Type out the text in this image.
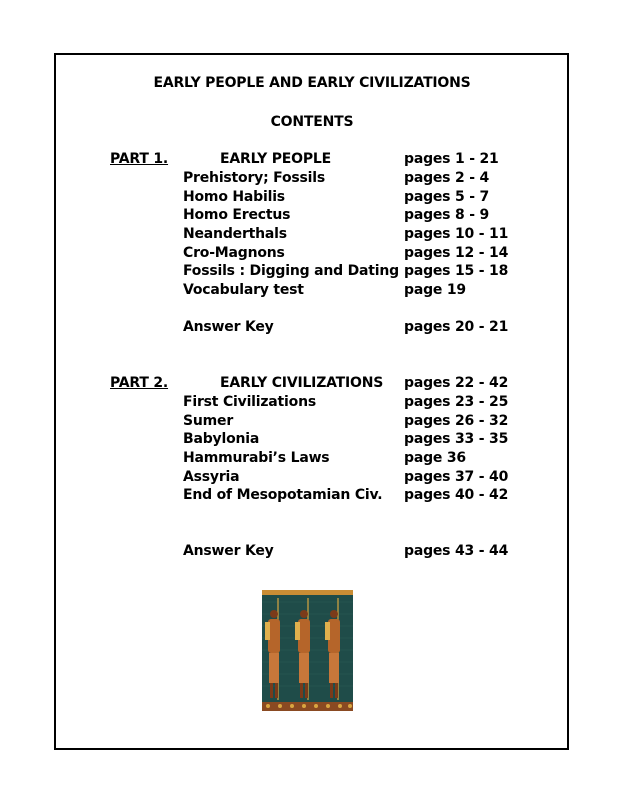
EARLY PEOPLE AND EARLY CIVILIZATIONS
CONTENTS
PART 1.	EARLY PEOPLE	pages 1 - 21
Prehistory; Fossils	pages 2 - 4
Homo Habilis	pages 5 - 7
Homo Erectus	pages 8 - 9
Neanderthals	pages 10 - 11
Cro-Magnons	pages 12 - 14
Fossils : Digging and Dating pages 15 - 18
Vocabulary test	page 19
Answer Key	pages 20 - 21
PART 2.	EARLY CIVILIZATIONS pages 22 - 42
First Civilizations	pages 23 - 25
Sumer	pages 26 - 32
Babylonia	pages 33 - 35
Hammurabi’s Laws	page 36
Assyria	pages 37 - 40
End of Mesopotamian Civ. pages 40 - 42
Answer Key	pages 43 - 44
